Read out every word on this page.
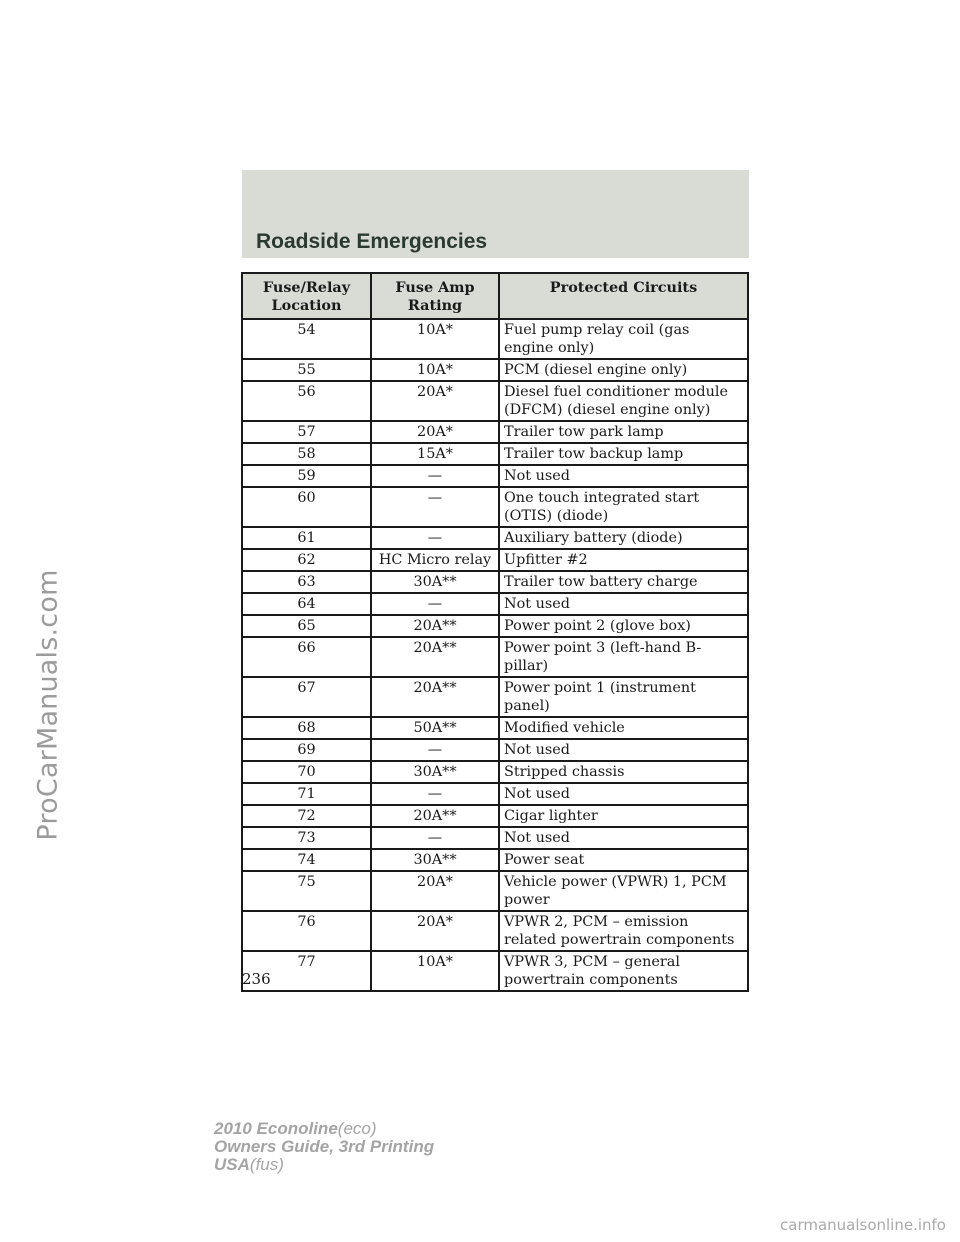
ProCarManuals.com
Roadside Emergencies
Fuse/Relay Location	Fuse Amp Rating	Protected Circuits
54	10A*	Fuel pump relay coil (gas engine only)
55	10A*	PCM (diesel engine only)
56	20A*	Diesel fuel conditioner module (DFCM) (diesel engine only)
57	20A*	Trailer tow park lamp
58	15A*	Trailer tow backup lamp
59	—	Not used
60	—	One touch integrated start (OTIS) (diode)
61	—	Auxiliary battery (diode)
62	HC Micro relay	Upfitter #2
63	30A**	Trailer tow battery charge
64	—	Not used
65	20A**	Power point 2 (glove box)
66	20A**	Power point 3 (left-hand B-pillar)
67	20A**	Power point 1 (instrument panel)
68	50A**	Modified vehicle
69	—	Not used
70	30A**	Stripped chassis
71	—	Not used
72	20A**	Cigar lighter
73	—	Not used
74	30A**	Power seat
75	20A*	Vehicle power (VPWR) 1, PCM power
76	20A*	VPWR 2, PCM – emission related powertrain components
77	10A*	VPWR 3, PCM – general powertrain components
236
2010 Econoline(eco)
Owners Guide, 3rd Printing
USA(fus)
carmanualsonline.info
